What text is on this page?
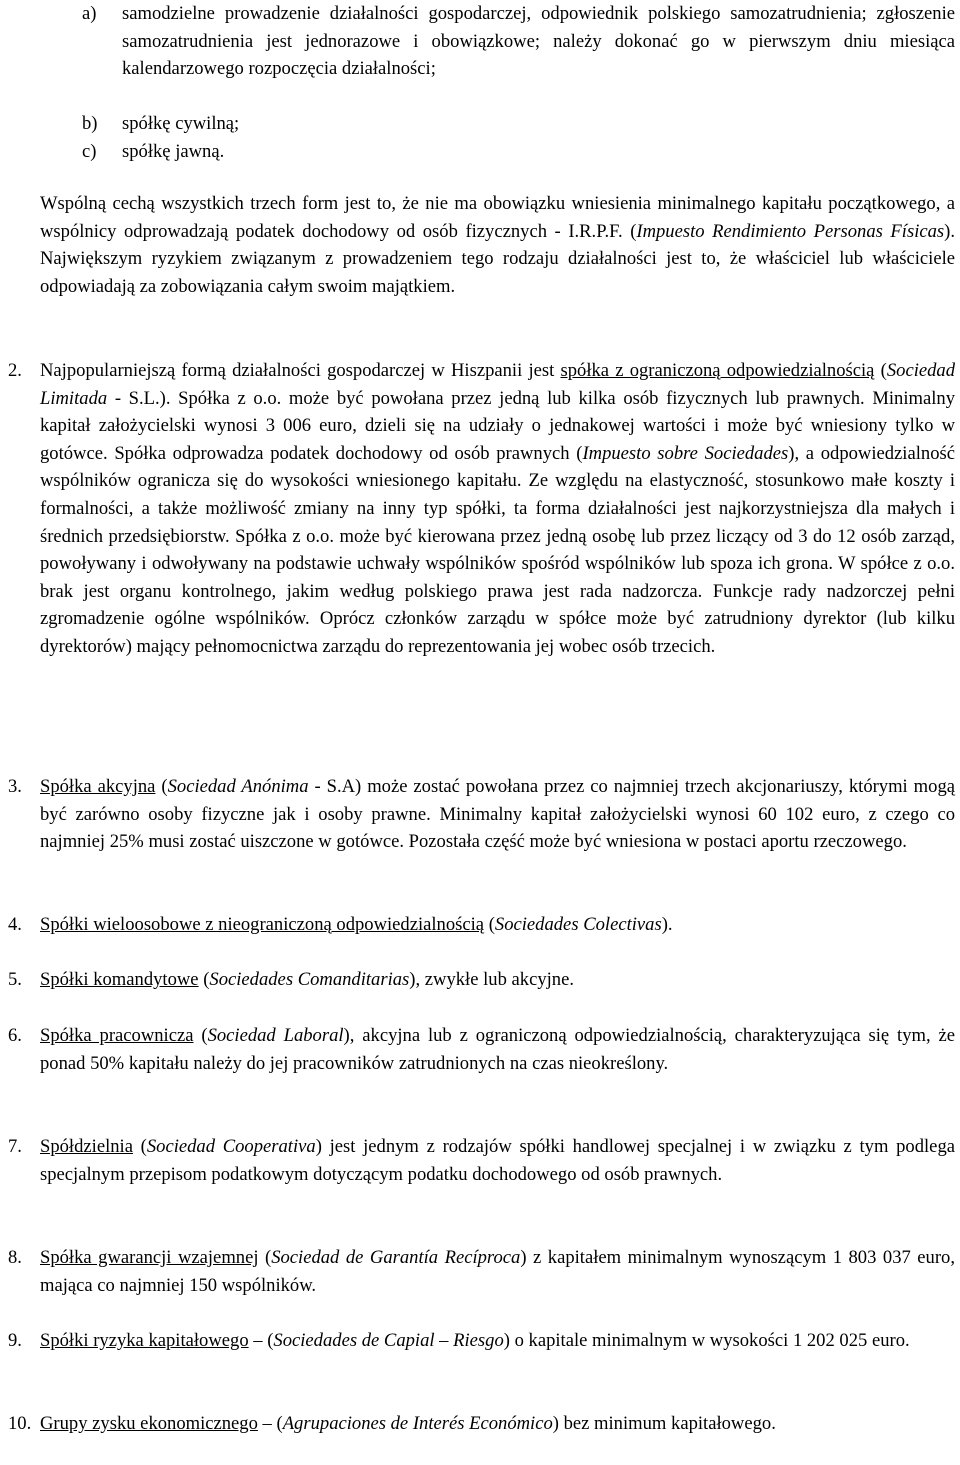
a) samodzielne prowadzenie działalności gospodarczej, odpowiednik polskiego samozatrudnienia; zgłoszenie samozatrudnienia jest jednorazowe i obowiązkowe; należy dokonać go w pierwszym dniu miesiąca kalendarzowego rozpoczęcia działalności;

b) spółkę cywilną;

c) spółkę jawną.

Wspólną cechą wszystkich trzech form jest to, że nie ma obowiązku wniesienia minimalnego kapitału początkowego, a wspólnicy odprowadzają podatek dochodowy od osób fizycznych - I.R.P.F. (Impuesto Rendimiento Personas Físicas). Największym ryzykiem związanym z prowadzeniem tego rodzaju działalności jest to, że właściciel lub właściciele odpowiadają za zobowiązania całym swoim majątkiem.

2. Najpopularniejszą formą działalności gospodarczej w Hiszpanii jest spółka z ograniczoną odpowiedzialnością (Sociedad Limitada - S.L.). Spółka z o.o. może być powołana przez jedną lub kilka osób fizycznych lub prawnych. Minimalny kapitał założycielski wynosi 3 006 euro, dzieli się na udziały o jednakowej wartości i może być wniesiony tylko w gotówce. Spółka odprowadza podatek dochodowy od osób prawnych (Impuesto sobre Sociedades), a odpowiedzialność wspólników ogranicza się do wysokości wniesionego kapitału. Ze względu na elastyczność, stosunkowo małe koszty i formalności, a także możliwość zmiany na inny typ spółki, ta forma działalności jest najkorzystniejsza dla małych i średnich przedsiębiorstw. Spółka z o.o. może być kierowana przez jedną osobę lub przez liczący od 3 do 12 osób zarząd, powoływany i odwoływany na podstawie uchwały wspólników spośród wspólników lub spoza ich grona. W spółce z o.o. brak jest organu kontrolnego, jakim według polskiego prawa jest rada nadzorcza. Funkcje rady nadzorczej pełni zgromadzenie ogólne wspólników. Oprócz członków zarządu w spółce może być zatrudniony dyrektor (lub kilku dyrektorów) mający pełnomocnictwa zarządu do reprezentowania jej wobec osób trzecich.

3. Spółka akcyjna (Sociedad Anónima - S.A) może zostać powołana przez co najmniej trzech akcjonariuszy, którymi mogą być zarówno osoby fizyczne jak i osoby prawne. Minimalny kapitał założycielski wynosi 60 102 euro, z czego co najmniej 25% musi zostać uiszczone w gotówce. Pozostała część może być wniesiona w postaci aportu rzeczowego.

4. Spółki wieloosobowe z nieograniczoną odpowiedzialnością (Sociedades Colectivas).

5. Spółki komandytowe (Sociedades Comanditarias), zwykłe lub akcyjne.

6. Spółka pracownicza (Sociedad Laboral), akcyjna lub z ograniczoną odpowiedzialnością, charakteryzująca się tym, że ponad 50% kapitału należy do jej pracowników zatrudnionych na czas nieokreślony.

7. Spółdzielnia (Sociedad Cooperativa) jest jednym z rodzajów spółki handlowej specjalnej i w związku z tym podlega specjalnym przepisom podatkowym dotyczącym podatku dochodowego od osób prawnych.

8. Spółka gwarancji wzajemnej (Sociedad de Garantía Recíproca) z kapitałem minimalnym wynoszącym 1 803 037 euro, mająca co najmniej 150 wspólników.

9. Spółki ryzyka kapitałowego – (Sociedades de Capial – Riesgo) o kapitale minimalnym w wysokości 1 202 025 euro.

10. Grupy zysku ekonomicznego – (Agrupaciones de Interés Económico) bez minimum kapitałowego.
